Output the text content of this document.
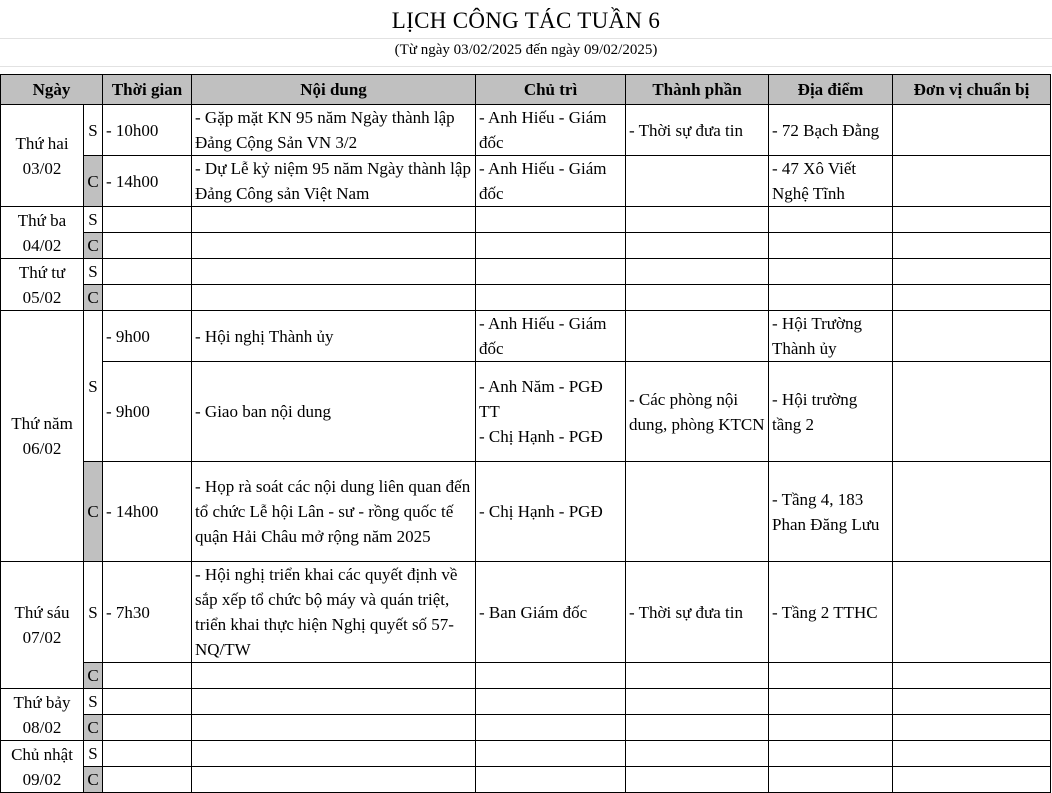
LỊCH CÔNG TÁC TUẦN 6
(Từ ngày 03/02/2025 đến ngày 09/02/2025)
Ngày		Thời gian	Nội dung	Chủ trì	Thành phần	Địa điểm	Đơn vị chuẩn bị
Thứ hai
03/02	S	- 10h00	- Gặp mặt KN 95 năm Ngày thành lập Đảng Cộng Sản VN 3/2	- Anh Hiếu - Giám đốc	- Thời sự đưa tin	- 72 Bạch Đằng	
	C	- 14h00	- Dự Lễ kỷ niệm 95 năm Ngày thành lập Đảng Công sản Việt Nam	- Anh Hiếu - Giám đốc		- 47 Xô Viết Nghệ Tĩnh	
Thứ ba
04/02	S						
	C						
Thứ tư
05/02	S						
	C						
Thứ năm
06/02	S	- 9h00	- Hội nghị Thành ủy	- Anh Hiếu - Giám đốc		- Hội Trường Thành ủy	
		- 9h00	- Giao ban nội dung	- Anh Năm - PGĐ TT
- Chị Hạnh - PGĐ	- Các phòng nội dung, phòng KTCN	- Hội trường tầng 2	
	C	- 14h00	- Họp rà soát các nội dung liên quan đến tổ chức Lễ hội Lân - sư - rồng quốc tế quận Hải Châu mở rộng năm 2025	- Chị Hạnh - PGĐ		- Tầng 4, 183 Phan Đăng Lưu	
Thứ sáu
07/02	S	- 7h30	- Hội nghị triển khai các quyết định về sắp xếp tổ chức bộ máy và quán triệt, triển khai thực hiện Nghị quyết số 57-NQ/TW	- Ban Giám đốc	- Thời sự đưa tin	- Tầng 2 TTHC	
	C						
Thứ bảy
08/02	S						
	C						
Chủ nhật
09/02	S						
	C						
